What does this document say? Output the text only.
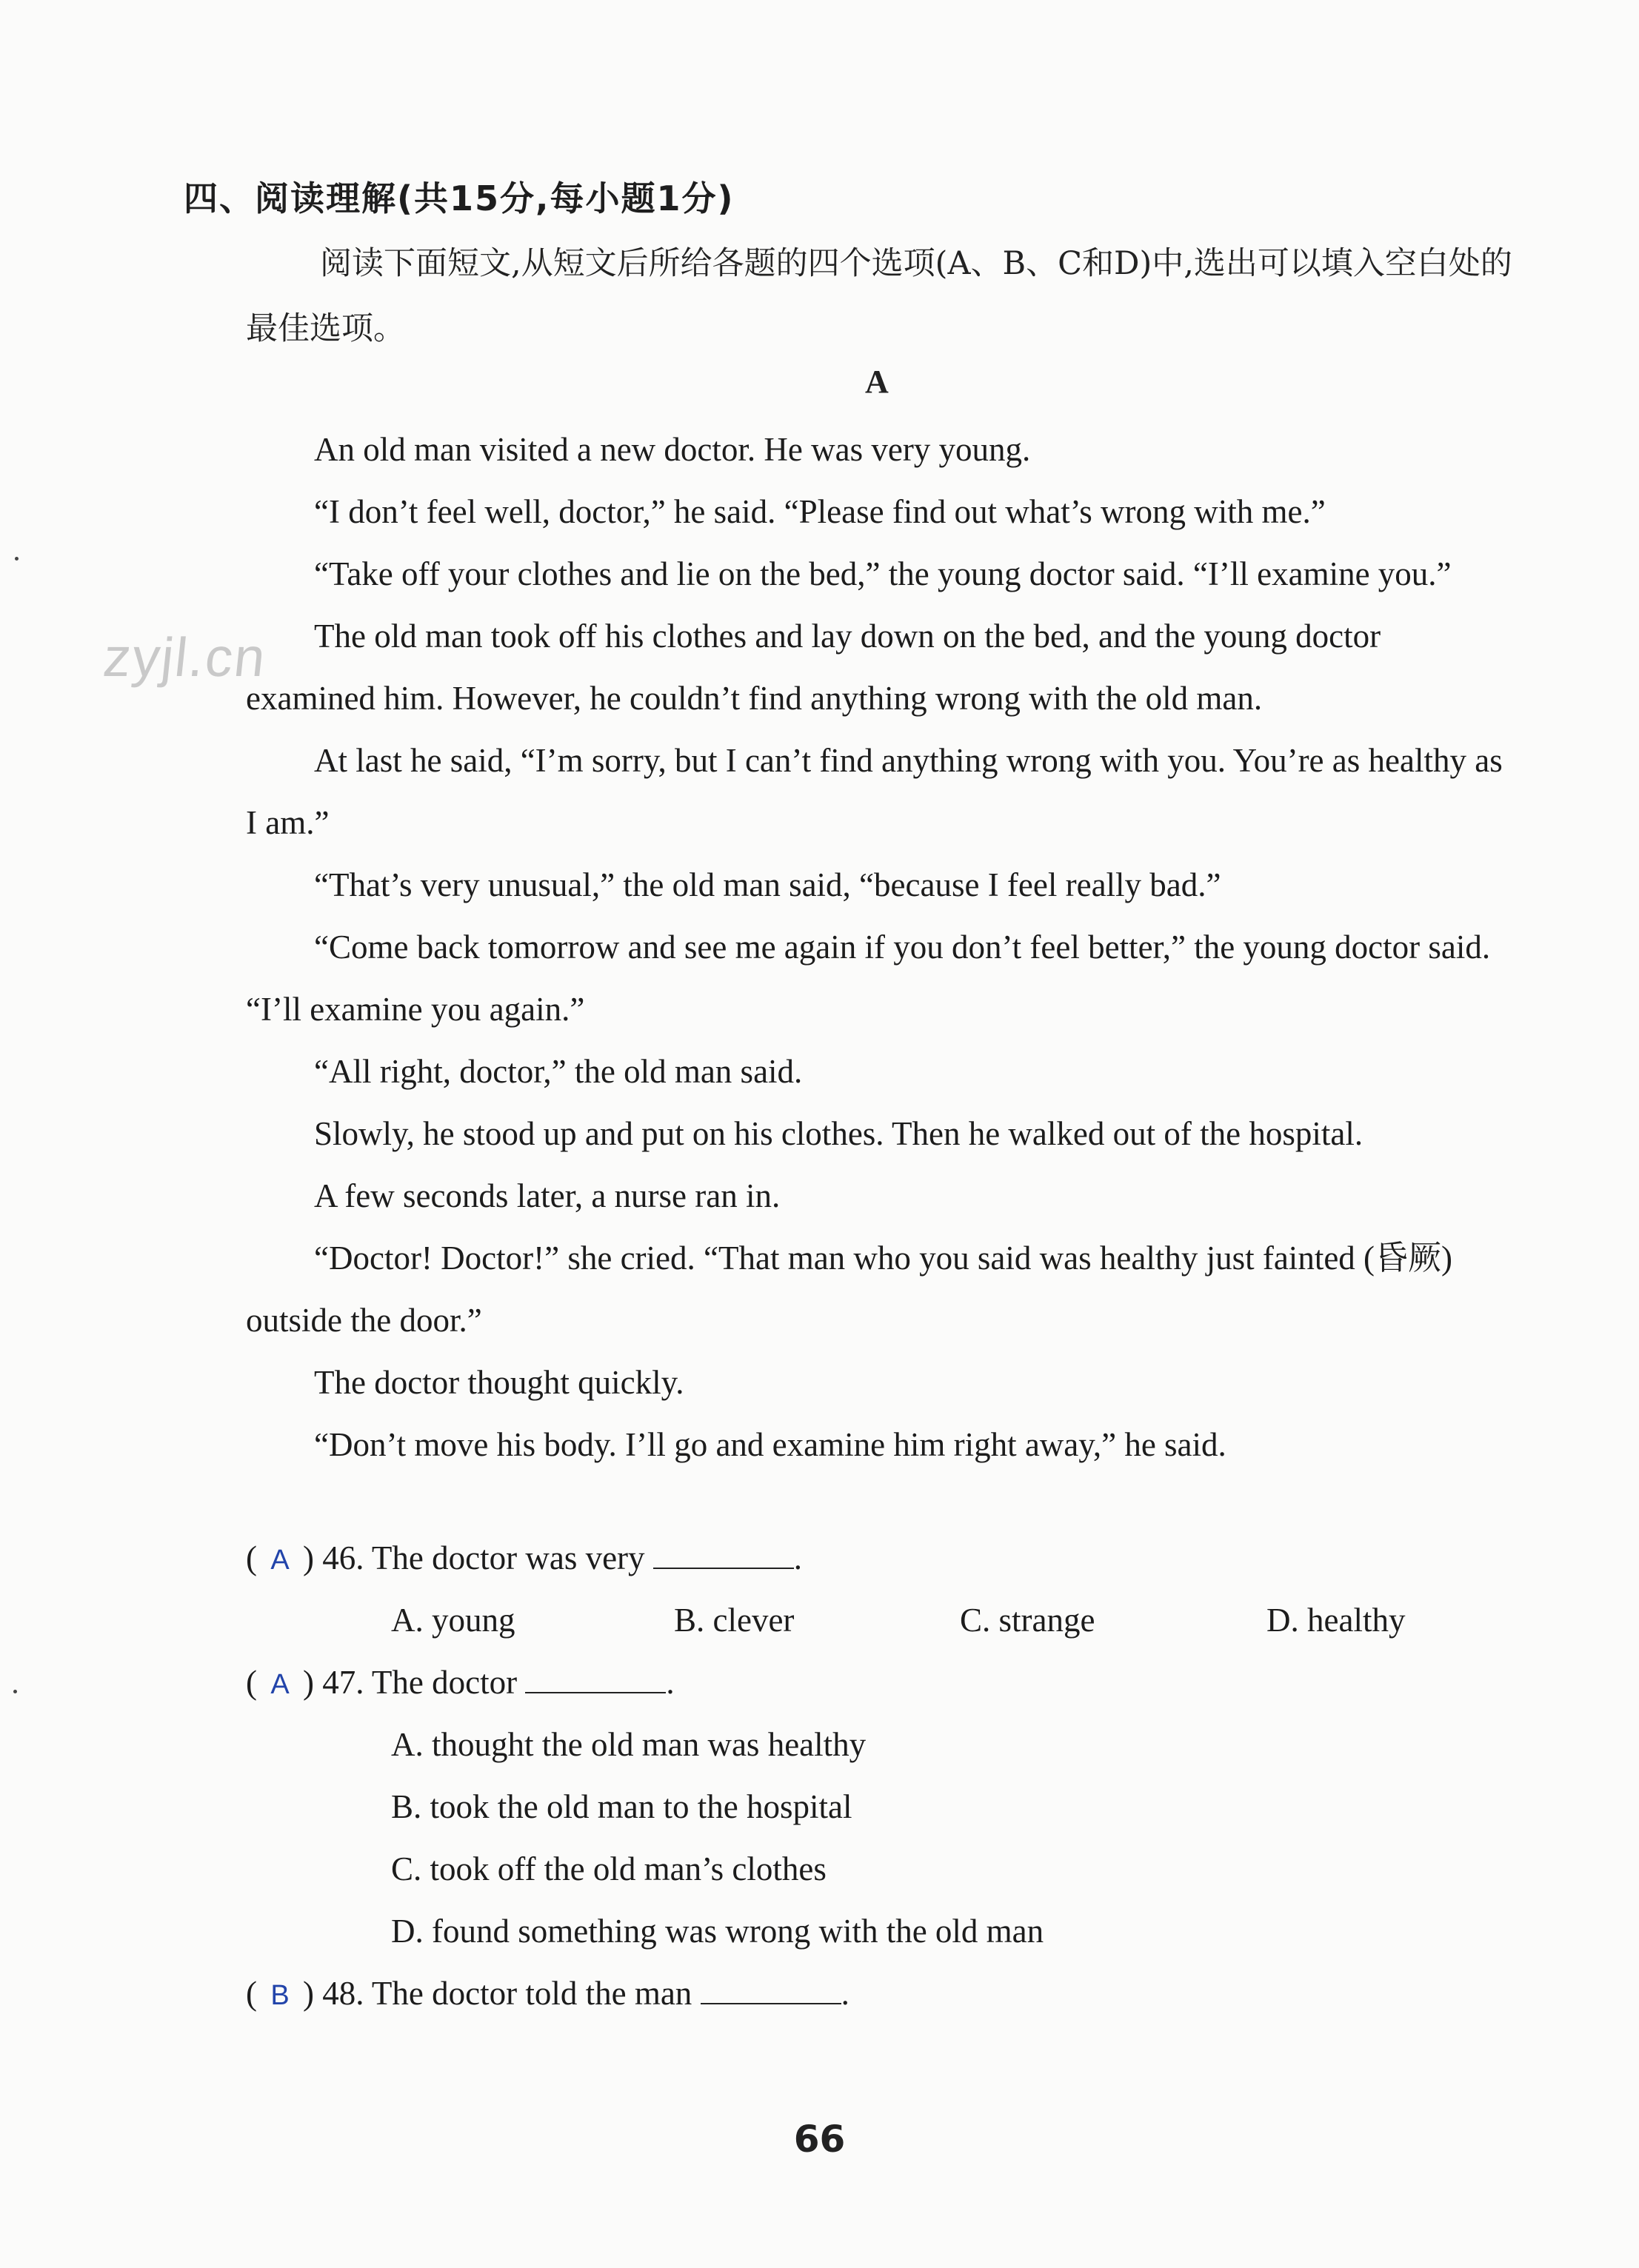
zyjl.cn
四、阅读理解(共15分,每小题1分)
阅读下面短文,从短文后所给各题的四个选项(A、B、C和D)中,选出可以填入空白处的最佳选项。
A

An old man visited a new doctor. He was very young.

“I don’t feel well, doctor,” he said. “Please find out what’s wrong with me.”

“Take off your clothes and lie on the bed,” the young doctor said. “I’ll examine you.”

The old man took off his clothes and lay down on the bed, and the young doctor examined him. However, he couldn’t find anything wrong with the old man.

At last he said, “I’m sorry, but I can’t find anything wrong with you. You’re as healthy as I am.”

“That’s very unusual,” the old man said, “because I feel really bad.”

“Come back tomorrow and see me again if you don’t feel better,” the young doctor said. “I’ll examine you again.”

“All right, doctor,” the old man said.

Slowly, he stood up and put on his clothes. Then he walked out of the hospital.

A few seconds later, a nurse ran in.

“Doctor! Doctor!” she cried. “That man who you said was healthy just fainted (昏厥) outside the door.”

The doctor thought quickly.

“Don’t move his body. I’ll go and examine him right away,” he said.

( A ) 46. The doctor was very	.
A. young	B. clever	C. strange	D. healthy
( A ) 47. The doctor	.
A. thought the old man was healthy
B. took the old man to the hospital
C. took off the old man’s clothes
D. found something was wrong with the old man
( B ) 48. The doctor told the man	.
66
